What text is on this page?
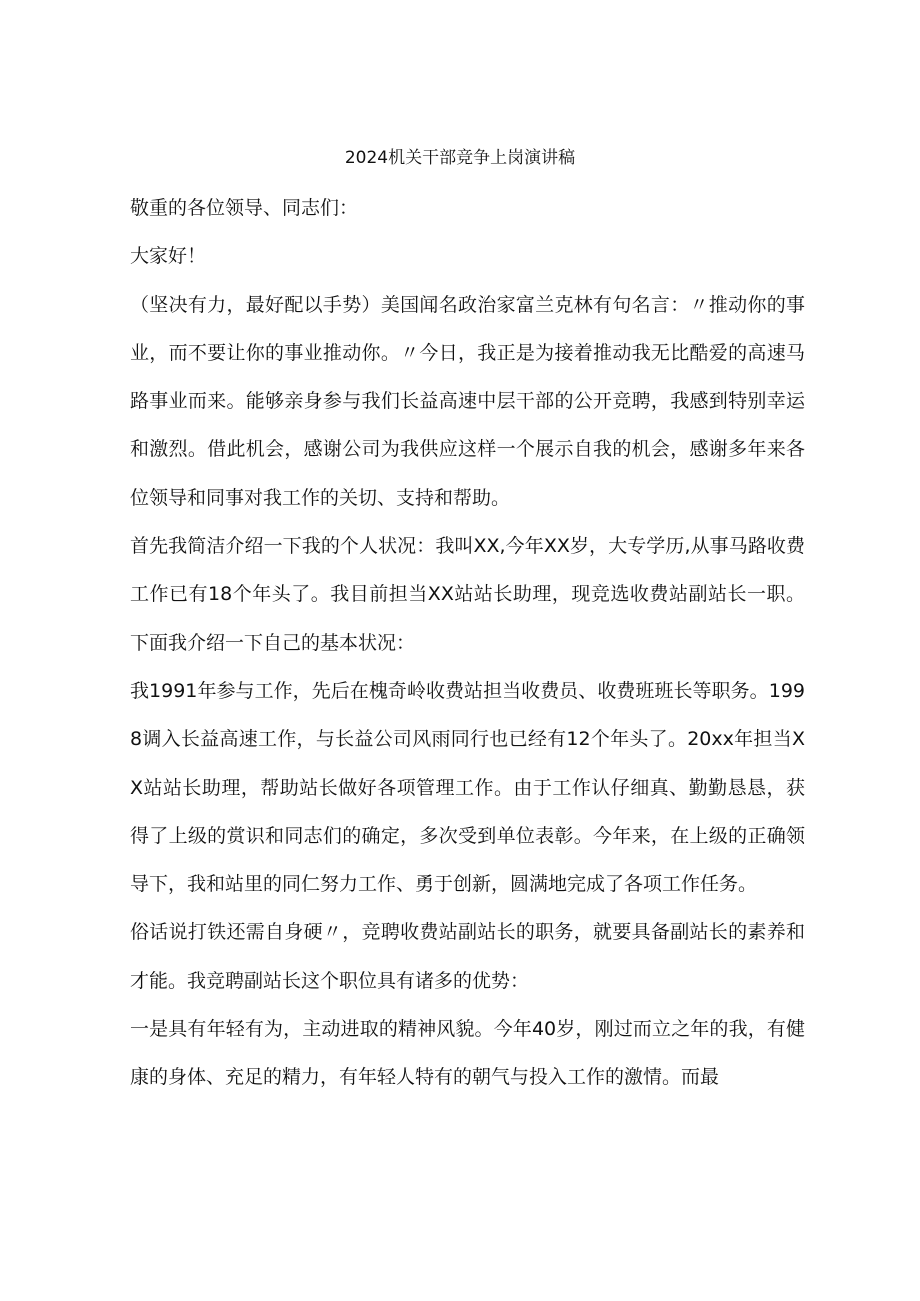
2024机关干部竞争上岗演讲稿

敬重的各位领导、同志们：

大家好！

（坚决有力，最好配以手势）美国闻名政治家富兰克林有句名言：〃推动你的事业，而不要让你的事业推动你。〃今日，我正是为接着推动我无比酷爱的高速马路事业而来。能够亲身参与我们长益高速中层干部的公开竞聘，我感到特别幸运和激烈。借此机会，感谢公司为我供应这样一个展示自我的机会，感谢多年来各位领导和同事对我工作的关切、支持和帮助。

首先我简洁介绍一下我的个人状况：我叫XX,今年XX岁，大专学历,从事马路收费工作已有18个年头了。我目前担当XX站站长助理，现竞选收费站副站长一职。下面我介绍一下自己的基本状况：

我1991年参与工作，先后在槐奇岭收费站担当收费员、收费班班长等职务。1998调入长益高速工作，与长益公司风雨同行也已经有12个年头了。20xx年担当XX站站长助理，帮助站长做好各项管理工作。由于工作认仔细真、勤勤恳恳，获得了上级的赏识和同志们的确定，多次受到单位表彰。今年来，在上级的正确领导下，我和站里的同仁努力工作、勇于创新，圆满地完成了各项工作任务。

俗话说打铁还需自身硬〃，竞聘收费站副站长的职务，就要具备副站长的素养和才能。我竞聘副站长这个职位具有诸多的优势：

一是具有年轻有为，主动进取的精神风貌。今年40岁，刚过而立之年的我，有健康的身体、充足的精力，有年轻人特有的朝气与投入工作的激情。而最
